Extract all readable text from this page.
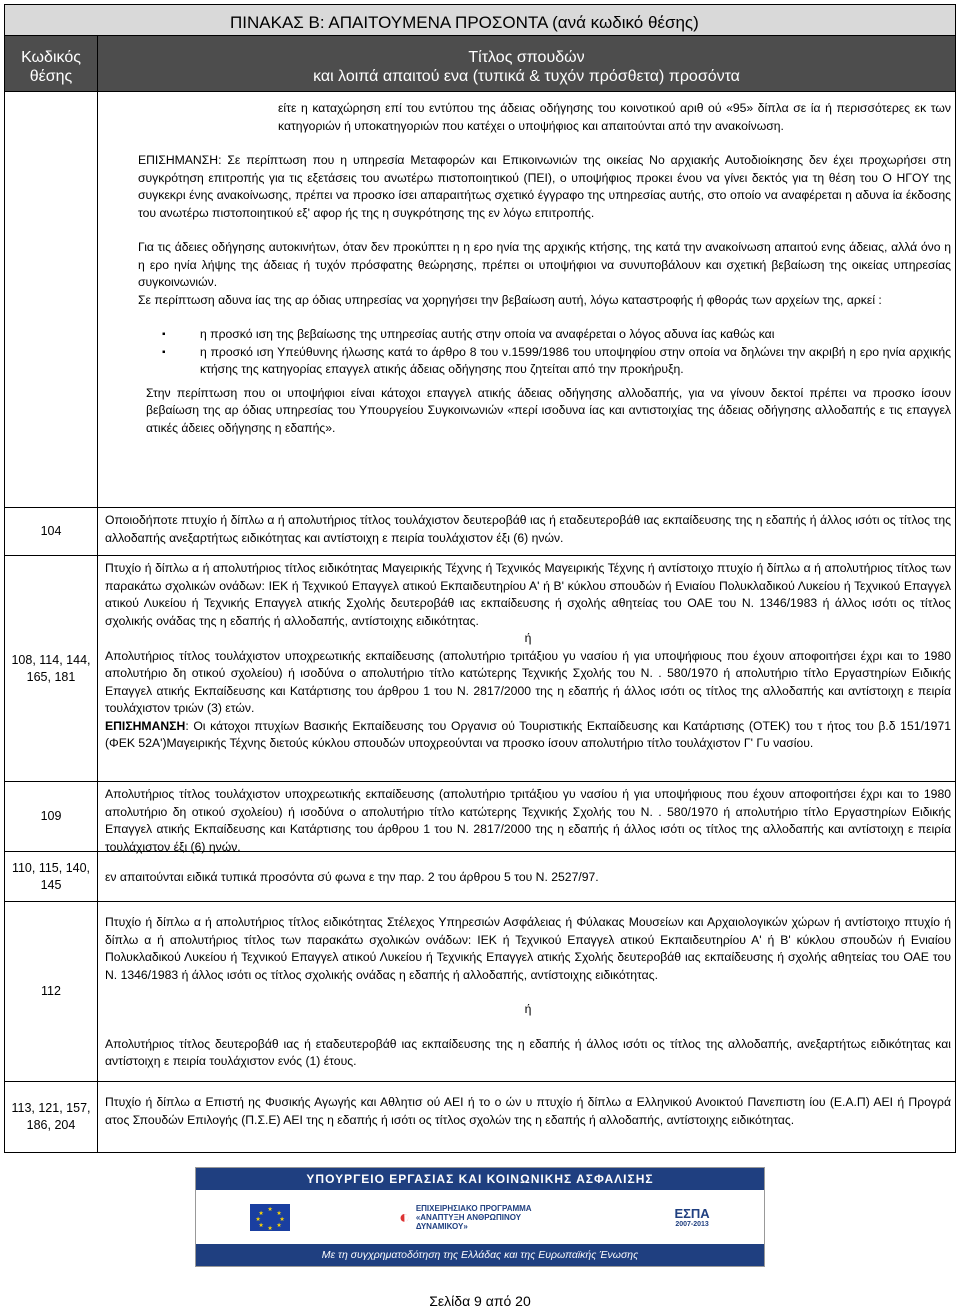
ΠΙΝΑΚΑΣ Β: ΑΠΑΙΤΟΥΜΕΝΑ ΠΡΟΣΟΝΤΑ (ανά κωδικό θέσης)
Κωδικός
θέσης
Τίτλος σπουδών
και λοιπά απαιτού ενα (τυπικά & τυχόν πρόσθετα) προσόντα

είτε η καταχώρηση επί του εντύπου της άδειας οδήγησης του κοινοτικού αριθ ού «95» δίπλα σε ία ή περισσότερες εκ των κατηγοριών ή υποκατηγοριών που κατέχει ο υποψήφιος και απαιτούνται από την ανακοίνωση.

ΕΠΙΣΗΜΑΝΣΗ: Σε περίπτωση που η υπηρεσία Μεταφορών και Επικοινωνιών της οικείας Νο αρχιακής Αυτοδιοίκησης δεν έχει προχωρήσει στη συγκρότηση επιτροπής για τις εξετάσεις του ανωτέρω πιστοποιητικού (ΠΕΙ), ο υποψήφιος προκει ένου να γίνει δεκτός για τη θέση του Ο ΗΓΟΥ της συγκεκρι ένης ανακοίνωσης, πρέπει να προσκο ίσει απαραιτήτως σχετικό έγγραφο της υπηρεσίας αυτής, στο οποίο να αναφέρεται η αδυνα ία έκδοσης του ανωτέρω πιστοποιητικού εξ' αφορ ής της η συγκρότησης της εν λόγω επιτροπής.

Για τις άδειες οδήγησης αυτοκινήτων, όταν δεν προκύπτει η η ερο ηνία της αρχικής κτήσης, της κατά την ανακοίνωση απαιτού ενης άδειας, αλλά όνο η η ερο ηνία λήψης της άδειας ή τυχόν πρόσφατης θεώρησης, πρέπει οι υποψήφιοι να συνυποβάλουν και σχετική βεβαίωση της οικείας υπηρεσίας συγκοινωνιών.

Σε περίπτωση αδυνα ίας της αρ όδιας υπηρεσίας να χορηγήσει την βεβαίωση αυτή, λόγω καταστροφής ή φθοράς των αρχείων της, αρκεί :

▪ η προσκό ιση της βεβαίωσης της υπηρεσίας αυτής στην οποία να αναφέρεται ο λόγος αδυνα ίας καθώς και
▪ η προσκό ιση Υπεύθυνης ήλωσης κατά το άρθρο 8 του ν.1599/1986 του υποψηφίου στην οποία να δηλώνει την ακριβή η ερο ηνία αρχικής κτήσης της κατηγορίας επαγγελ ατικής άδειας οδήγησης που ζητείται από την προκήρυξη.

Στην περίπτωση που οι υποψήφιοι είναι κάτοχοι επαγγελ ατικής άδειας οδήγησης αλλοδαπής, για να γίνουν δεκτοί πρέπει να προσκο ίσουν βεβαίωση της αρ όδιας υπηρεσίας του Υπουργείου Συγκοινωνιών «περί ισοδυνα ίας και αντιστοιχίας της άδειας οδήγησης αλλοδαπής ε τις επαγγελ ατικές άδειες οδήγησης η εδαπής».

104

Οποιοδήποτε πτυχίο ή δίπλω α ή απολυτήριος τίτλος τουλάχιστον δευτεροβάθ ιας ή εταδευτεροβάθ ιας εκπαίδευσης της η εδαπής ή άλλος ισότι ος τίτλος της αλλοδαπής ανεξαρτήτως ειδικότητας και αντίστοιχη ε πειρία τουλάχιστον έξι (6) ηνών.

108, 114, 144, 165, 181

Πτυχίο ή δίπλω α ή απολυτήριος τίτλος ειδικότητας Μαγειρικής Τέχνης ή Τεχνικός Μαγειρικής Τέχνης ή αντίστοιχο πτυχίο ή δίπλω α ή απολυτήριος τίτλος των παρακάτω σχολικών ονάδων: ΙΕΚ ή Τεχνικού Επαγγελ ατικού Εκπαιδευτηρίου Α' ή Β' κύκλου σπουδών ή Ενιαίου Πολυκλαδικού Λυκείου ή Τεχνικού Επαγγελ ατικού Λυκείου ή Τεχνικής Επαγγελ ατικής Σχολής δευτεροβάθ ιας εκπαίδευσης ή σχολής αθητείας του ΟΑΕ του Ν. 1346/1983 ή άλλος ισότι ος τίτλος σχολικής ονάδας της η εδαπής ή αλλοδαπής, αντίστοιχης ειδικότητας.

ή

Απολυτήριος τίτλος τουλάχιστον υποχρεωτικής εκπαίδευσης (απολυτήριο τριτάξιου γυ νασίου ή για υποψήφιους που έχουν αποφοιτήσει έχρι και το 1980 απολυτήριο δη οτικού σχολείου) ή ισοδύνα ο απολυτήριο τίτλο κατώτερης Τεχνικής Σχολής του Ν. . 580/1970 ή απολυτήριο τίτλο Εργαστηρίων Ειδικής Επαγγελ ατικής Εκπαίδευσης και Κατάρτισης του άρθρου 1 του Ν. 2817/2000 της η εδαπής ή άλλος ισότι ος τίτλος της αλλοδαπής και αντίστοιχη ε πειρία τουλάχιστον τριών (3) ετών.

ΕΠΙΣΗΜΑΝΣΗ: Οι κάτοχοι πτυχίων Βασικής Εκπαίδευσης του Οργανισ ού Τουριστικής Εκπαίδευσης και Κατάρτισης (ΟΤΕΚ) του τ ήτος του β.δ 151/1971 (ΦΕΚ 52Α')Μαγειρικής Τέχνης διετούς κύκλου σπουδών υποχρεούνται να προσκο ίσουν απολυτήριο τίτλο τουλάχιστον Γ' Γυ νασίου.

109

Απολυτήριος τίτλος τουλάχιστον υποχρεωτικής εκπαίδευσης (απολυτήριο τριτάξιου γυ νασίου ή για υποψήφιους που έχουν αποφοιτήσει έχρι και το 1980 απολυτήριο δη οτικού σχολείου) ή ισοδύνα ο απολυτήριο τίτλο κατώτερης Τεχνικής Σχολής του Ν. . 580/1970 ή απολυτήριο τίτλο Εργαστηρίων Ειδικής Επαγγελ ατικής Εκπαίδευσης και Κατάρτισης του άρθρου 1 του Ν. 2817/2000 της η εδαπής ή άλλος ισότι ος τίτλος της αλλοδαπής και αντίστοιχη ε πειρία τουλάχιστον έξι (6) ηνών.

110, 115, 140, 145

εν απαιτούνται ειδικά τυπικά προσόντα σύ φωνα ε την παρ. 2 του άρθρου 5 του Ν. 2527/97.

112

Πτυχίο ή δίπλω α ή απολυτήριος τίτλος ειδικότητας Στέλεχος Υπηρεσιών Ασφάλειας ή Φύλακας Μουσείων και Αρχαιολογικών χώρων ή αντίστοιχο πτυχίο ή δίπλω α ή απολυτήριος τίτλος των παρακάτω σχολικών ονάδων: ΙΕΚ ή Τεχνικού Επαγγελ ατικού Εκπαιδευτηρίου Α' ή Β' κύκλου σπουδών ή Ενιαίου Πολυκλαδικού Λυκείου ή Τεχνικού Επαγγελ ατικού Λυκείου ή Τεχνικής Επαγγελ ατικής Σχολής δευτεροβάθ ιας εκπαίδευσης ή σχολής αθητείας του ΟΑΕ του Ν. 1346/1983 ή άλλος ισότι ος τίτλος σχολικής ονάδας η εδαπής ή αλλοδαπής, αντίστοιχης ειδικότητας.

ή

Απολυτήριος τίτλος δευτεροβάθ ιας ή εταδευτεροβάθ ιας εκπαίδευσης της η εδαπής ή άλλος ισότι ος τίτλος της αλλοδαπής, ανεξαρτήτως ειδικότητας και αντίστοιχη ε πειρία τουλάχιστον ενός (1) έτους.

113, 121, 157, 186, 204

Πτυχίο ή δίπλω α Επιστή ης Φυσικής Αγωγής και Αθλητισ ού ΑΕΙ ή το ο ών υ πτυχίο ή δίπλω α Ελληνικού Ανοικτού Πανεπιστη ίου (Ε.Α.Π) ΑΕΙ ή Προγρά ατος Σπουδών Επιλογής (Π.Σ.Ε) ΑΕΙ της η εδαπής ή ισότι ος τίτλος σχολών της η εδαπής ή αλλοδαπής, αντίστοιχης ειδικότητας.

ΥΠΟΥΡΓΕΙΟ ΕΡΓΑΣΙΑΣ ΚΑΙ ΚΟΙΝΩΝΙΚΗΣ ΑΣΦΑΛΙΣΗΣ
★
★ ★
★	★
★ ★
★
◐ ΕΠΙΧΕΙΡΗΣΙΑΚΟ ΠΡΟΓΡΑΜΜΑ «ΑΝΑΠΤΥΞΗ ΑΝΘΡΩΠΙΝΟΥ ΔΥΝΑΜΙΚΟΥ»
ΕΣΠΑ
2007-2013
Με τη συγχρηματοδότηση της Ελλάδας και της Ευρωπαϊκής Ένωσης
Σελίδα 9 από 20
